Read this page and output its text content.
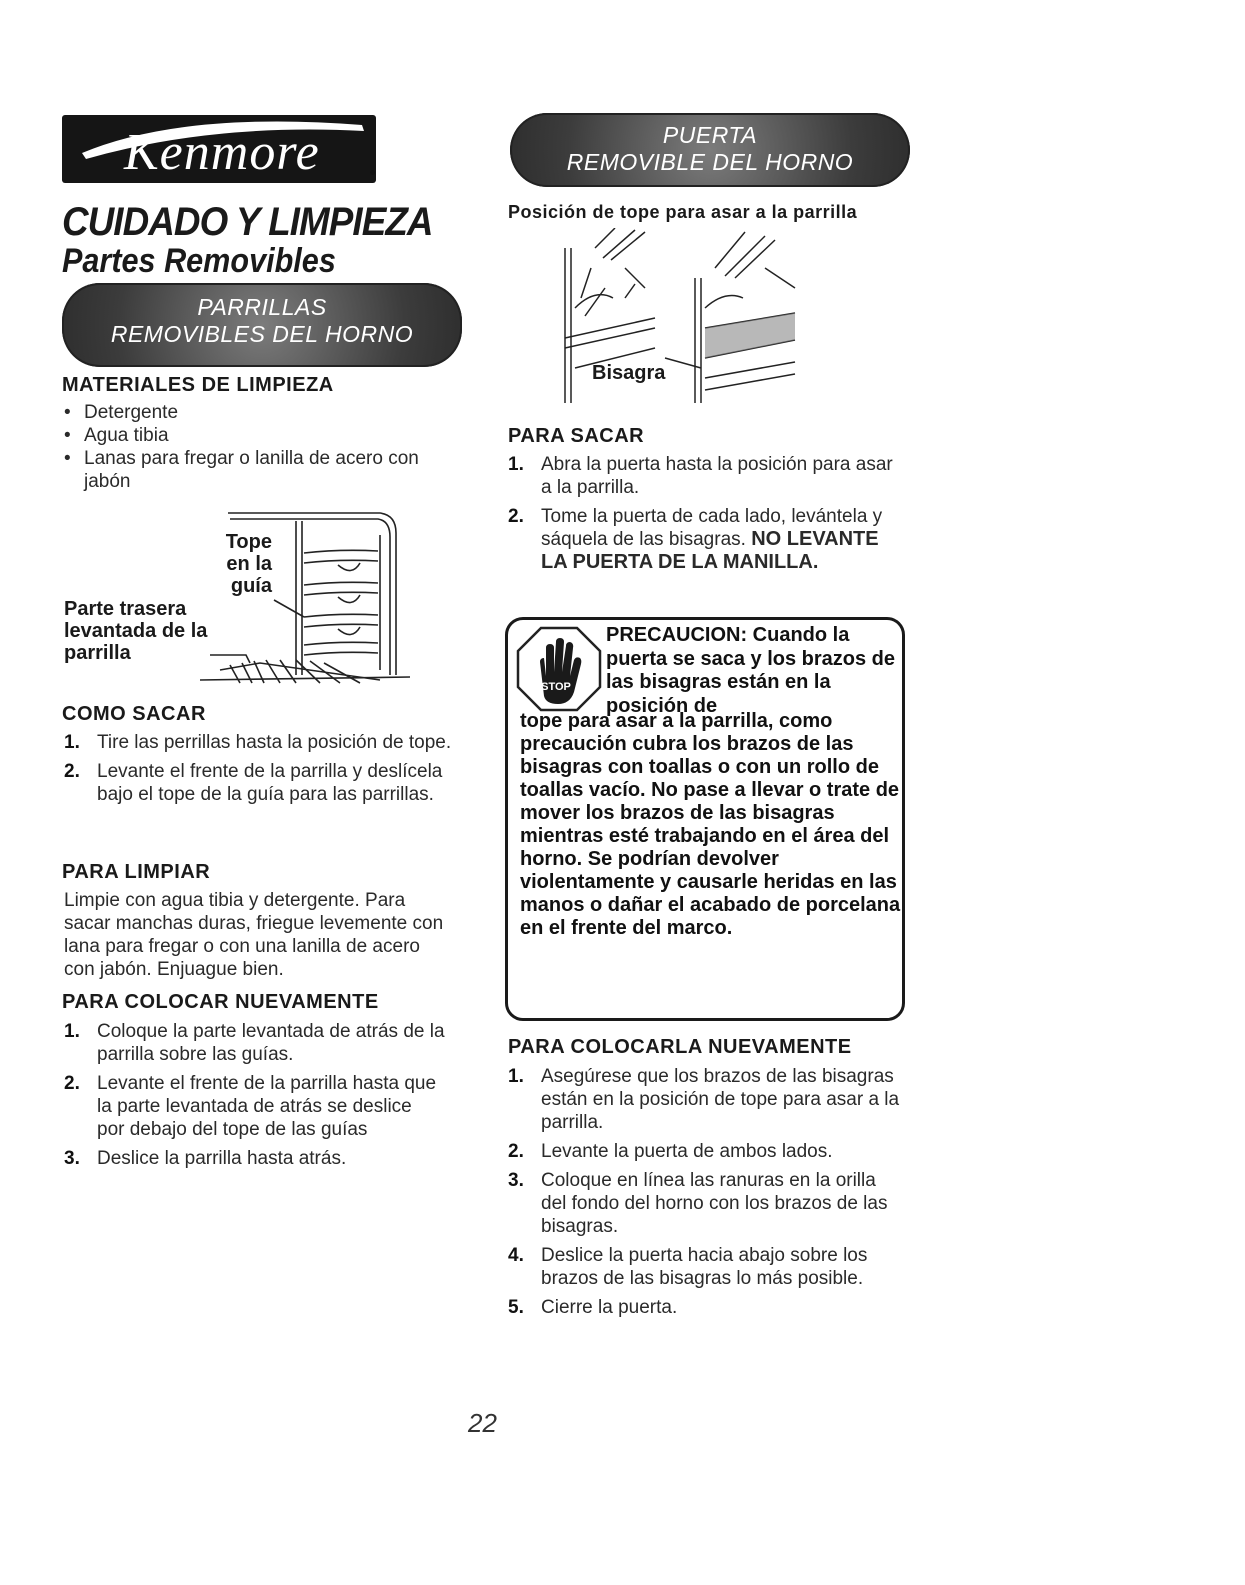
Kenmore
CUIDADO Y LIMPIEZA
Partes Removibles
PARRILLAS
REMOVIBLES DEL HORNO
MATERIALES DE LIMPIEZA
• Detergente
• Agua tibia
• Lanas para fregar o lanilla de acero con jabón
Tope en la guía
Parte trasera levantada de la parrilla
COMO SACAR
1. Tire las perrillas hasta la posición de tope.
2. Levante el frente de la parrilla y deslícela bajo el tope de la guía para las parrillas.
PARA LIMPIAR
Limpie con agua tibia y detergente. Para sacar manchas duras, friegue levemente con lana para fregar o con una lanilla de acero con jabón. Enjuague bien.
PARA COLOCAR NUEVAMENTE
1. Coloque la parte levantada de atrás de la parrilla sobre las guías.
2. Levante el frente de la parrilla hasta que la parte levantada de atrás se deslice por debajo del tope de las guías
3. Deslice la parrilla hasta atrás.
PUERTA
REMOVIBLE DEL HORNO
Posición de tope para asar a la parrilla
Bisagra
PARA SACAR
1. Abra la puerta hasta la posición para asar a la parrilla.
2. Tome la puerta de cada lado, levántela y sáquela de las bisagras. NO LEVANTE LA PUERTA DE LA MANILLA.
STOP
PRECAUCION: Cuando la puerta se saca y los brazos de las bisagras están en la posición de
tope para asar a la parrilla, como precaución cubra los brazos de las bisagras con toallas o con un rollo de toallas vacío. No pase a llevar o trate de mover los brazos de las bisagras mientras esté trabajando en el área del horno. Se podrían devolver violentamente y causarle heridas en las manos o dañar el acabado de porcelana en el frente del marco.
PARA COLOCARLA NUEVAMENTE
1. Asegúrese que los brazos de las bisagras están en la posición de tope para asar a la parrilla.
2. Levante la puerta de ambos lados.
3. Coloque en línea las ranuras en la orilla del fondo del horno con los brazos de las bisagras.
4. Deslice la puerta hacia abajo sobre los brazos de las bisagras lo más posible.
5. Cierre la puerta.
22
